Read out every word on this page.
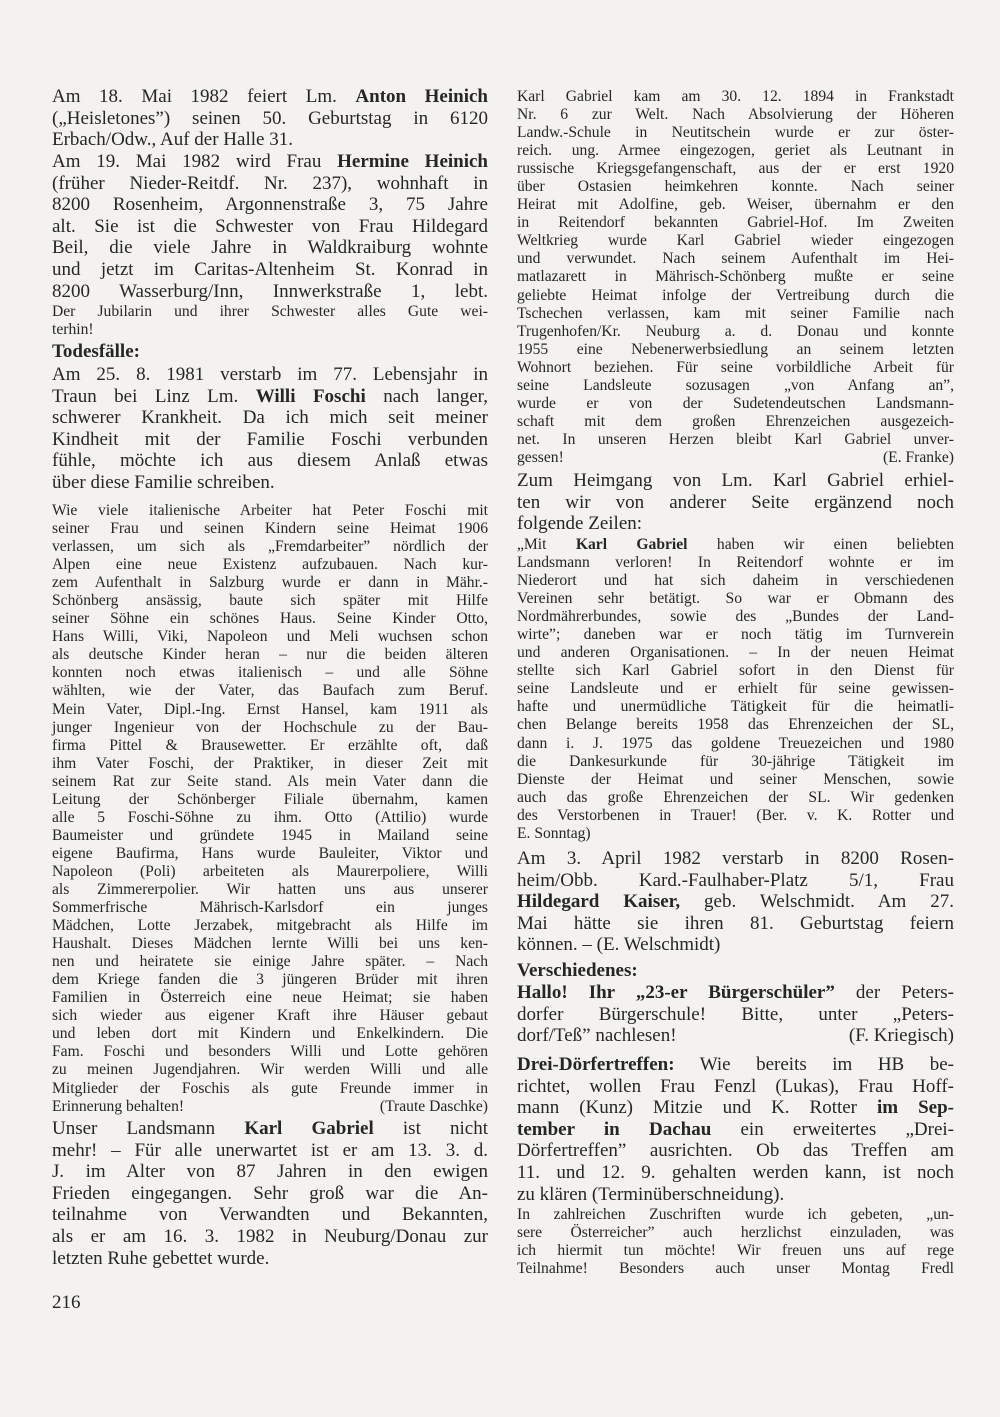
Am 18. Mai 1982 feiert Lm. Anton Heinich
(„Heisletones”) seinen 50. Geburtstag in 6120
Erbach/Odw., Auf der Halle 31.
Am 19. Mai 1982 wird Frau Hermine Heinich
(früher Nieder-Reitdf. Nr. 237), wohnhaft in
8200 Rosenheim, Argonnenstraße 3, 75 Jahre
alt. Sie ist die Schwester von Frau Hildegard
Beil, die viele Jahre in Waldkraiburg wohnte
und jetzt im Caritas-Altenheim St. Konrad in
8200 Wasserburg/Inn, Innwerkstraße 1, lebt.
Der Jubilarin und ihrer Schwester alles Gute wei-
terhin!
Todesfälle:
Am 25. 8. 1981 verstarb im 77. Lebensjahr in
Traun bei Linz Lm. Willi Foschi nach langer,
schwerer Krankheit. Da ich mich seit meiner
Kindheit mit der Familie Foschi verbunden
fühle, möchte ich aus diesem Anlaß etwas
über diese Familie schreiben.
Wie viele italienische Arbeiter hat Peter Foschi mit
seiner Frau und seinen Kindern seine Heimat 1906
verlassen, um sich als „Fremdarbeiter” nördlich der
Alpen eine neue Existenz aufzubauen. Nach kur-
zem Aufenthalt in Salzburg wurde er dann in Mähr.-
Schönberg ansässig, baute sich später mit Hilfe
seiner Söhne ein schönes Haus. Seine Kinder Otto,
Hans Willi, Viki, Napoleon und Meli wuchsen schon
als deutsche Kinder heran – nur die beiden älteren
konnten noch etwas italienisch – und alle Söhne
wählten, wie der Vater, das Baufach zum Beruf.
Mein Vater, Dipl.-Ing. Ernst Hansel, kam 1911 als
junger Ingenieur von der Hochschule zu der Bau-
firma Pittel & Brausewetter. Er erzählte oft, daß
ihm Vater Foschi, der Praktiker, in dieser Zeit mit
seinem Rat zur Seite stand. Als mein Vater dann die
Leitung der Schönberger Filiale übernahm, kamen
alle 5 Foschi-Söhne zu ihm. Otto (Attilio) wurde
Baumeister und gründete 1945 in Mailand seine
eigene Baufirma, Hans wurde Bauleiter, Viktor und
Napoleon (Poli) arbeiteten als Maurerpoliere, Willi
als Zimmererpolier. Wir hatten uns aus unserer
Sommerfrische Mährisch-Karlsdorf ein junges
Mädchen, Lotte Jerzabek, mitgebracht als Hilfe im
Haushalt. Dieses Mädchen lernte Willi bei uns ken-
nen und heiratete sie einige Jahre später. – Nach
dem Kriege fanden die 3 jüngeren Brüder mit ihren
Familien in Österreich eine neue Heimat; sie haben
sich wieder aus eigener Kraft ihre Häuser gebaut
und leben dort mit Kindern und Enkelkindern. Die
Fam. Foschi und besonders Willi und Lotte gehören
zu meinen Jugendjahren. Wir werden Willi und alle
Mitglieder der Foschis als gute Freunde immer in
Erinnerung behalten!	(Traute Daschke)
Unser Landsmann Karl Gabriel ist nicht
mehr! – Für alle unerwartet ist er am 13. 3. d.
J. im Alter von 87 Jahren in den ewigen
Frieden eingegangen. Sehr groß war die An-
teilnahme von Verwandten und Bekannten,
als er am 16. 3. 1982 in Neuburg/Donau zur
letzten Ruhe gebettet wurde.
216
Karl Gabriel kam am 30. 12. 1894 in Frankstadt
Nr. 6 zur Welt. Nach Absolvierung der Höheren
Landw.-Schule in Neutitschein wurde er zur öster-
reich. ung. Armee eingezogen, geriet als Leutnant in
russische Kriegsgefangenschaft, aus der er erst 1920
über Ostasien heimkehren konnte. Nach seiner
Heirat mit Adolfine, geb. Weiser, übernahm er den
in Reitendorf bekannten Gabriel-Hof. Im Zweiten
Weltkrieg wurde Karl Gabriel wieder eingezogen
und verwundet. Nach seinem Aufenthalt im Hei-
matlazarett in Mährisch-Schönberg mußte er seine
geliebte Heimat infolge der Vertreibung durch die
Tschechen verlassen, kam mit seiner Familie nach
Trugenhofen/Kr. Neuburg a. d. Donau und konnte
1955 eine Nebenerwerbsiedlung an seinem letzten
Wohnort beziehen. Für seine vorbildliche Arbeit für
seine Landsleute sozusagen „von Anfang an”,
wurde er von der Sudetendeutschen Landsmann-
schaft mit dem großen Ehrenzeichen ausgezeich-
net. In unseren Herzen bleibt Karl Gabriel unver-
gessen!	(E. Franke)
Zum Heimgang von Lm. Karl Gabriel erhiel-
ten wir von anderer Seite ergänzend noch
folgende Zeilen:
„Mit Karl Gabriel haben wir einen beliebten
Landsmann verloren! In Reitendorf wohnte er im
Niederort und hat sich daheim in verschiedenen
Vereinen sehr betätigt. So war er Obmann des
Nordmährerbundes, sowie des „Bundes der Land-
wirte”; daneben war er noch tätig im Turnverein
und anderen Organisationen. – In der neuen Heimat
stellte sich Karl Gabriel sofort in den Dienst für
seine Landsleute und er erhielt für seine gewissen-
hafte und unermüdliche Tätigkeit für die heimatli-
chen Belange bereits 1958 das Ehrenzeichen der SL,
dann i. J. 1975 das goldene Treuezeichen und 1980
die Dankesurkunde für 30-jährige Tätigkeit im
Dienste der Heimat und seiner Menschen, sowie
auch das große Ehrenzeichen der SL. Wir gedenken
des Verstorbenen in Trauer! (Ber. v. K. Rotter und
E. Sonntag)
Am 3. April 1982 verstarb in 8200 Rosen-
heim/Obb. Kard.-Faulhaber-Platz 5/1, Frau
Hildegard Kaiser, geb. Welschmidt. Am 27.
Mai hätte sie ihren 81. Geburtstag feiern
können. – (E. Welschmidt)
Verschiedenes:
Hallo! Ihr „23-er Bürgerschüler” der Peters-
dorfer Bürgerschule! Bitte, unter „Peters-
dorf/Teß” nachlesen!	(F. Kriegisch)
Drei-Dörfertreffen: Wie bereits im HB be-
richtet, wollen Frau Fenzl (Lukas), Frau Hoff-
mann (Kunz) Mitzie und K. Rotter im Sep-
tember in Dachau ein erweitertes „Drei-
Dörfertreffen” ausrichten. Ob das Treffen am
11. und 12. 9. gehalten werden kann, ist noch
zu klären (Terminüberschneidung).
In zahlreichen Zuschriften wurde ich gebeten, „un-
sere Österreicher” auch herzlichst einzuladen, was
ich hiermit tun möchte! Wir freuen uns auf rege
Teilnahme! Besonders auch unser Montag Fredl
